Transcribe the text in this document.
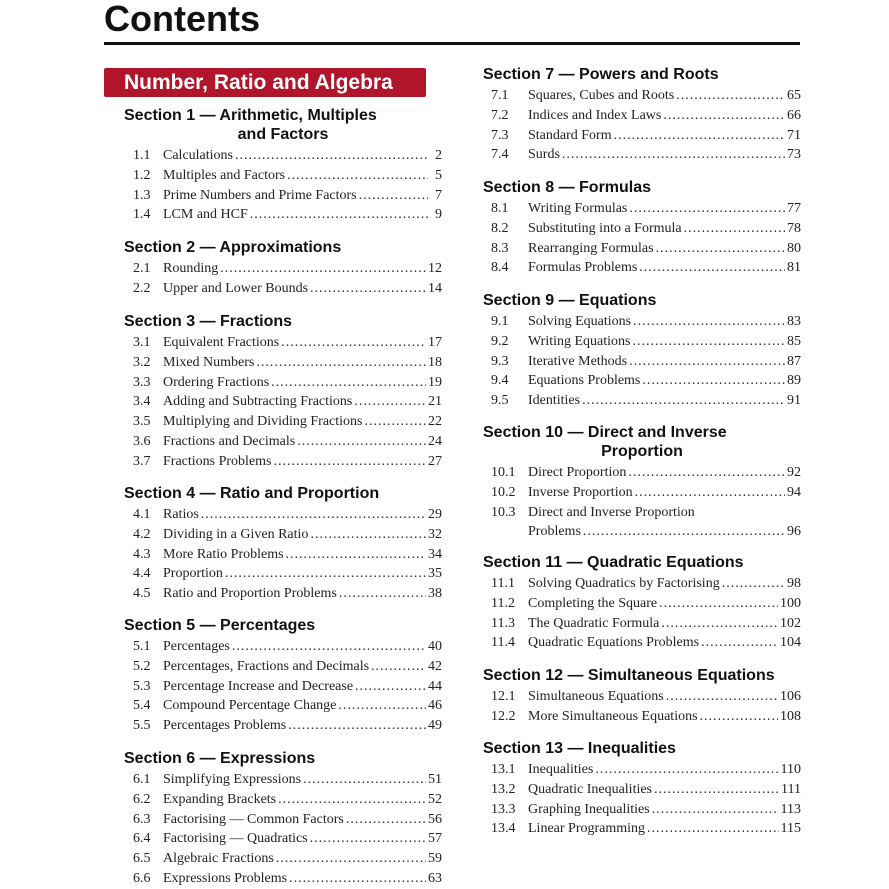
Contents
Number, Ratio and Algebra
Section 1 — Arithmetic, Multiples
and Factors
1.1 Calculations .....	2
1.2 Multiples and Factors .....	5
1.3 Prime Numbers and Prime Factors .....	7
1.4 LCM and HCF .....	9
Section 2 — Approximations
2.1 Rounding .....	12
2.2 Upper and Lower Bounds .....	14
Section 3 — Fractions
3.1 Equivalent Fractions .....	17
3.2 Mixed Numbers .....	18
3.3 Ordering Fractions .....	19
3.4 Adding and Subtracting Fractions .....	21
3.5 Multiplying and Dividing Fractions .....	22
3.6 Fractions and Decimals .....	24
3.7 Fractions Problems .....	27
Section 4 — Ratio and Proportion
4.1 Ratios .....	29
4.2 Dividing in a Given Ratio .....	32
4.3 More Ratio Problems .....	34
4.4 Proportion .....	35
4.5 Ratio and Proportion Problems .....	38
Section 5 — Percentages
5.1 Percentages .....	40
5.2 Percentages, Fractions and Decimals .....	42
5.3 Percentage Increase and Decrease .....	44
5.4 Compound Percentage Change .....	46
5.5 Percentages Problems .....	49
Section 6 — Expressions
6.1 Simplifying Expressions .....	51
6.2 Expanding Brackets .....	52
6.3 Factorising — Common Factors .....	56
6.4 Factorising — Quadratics .....	57
6.5 Algebraic Fractions .....	59
6.6 Expressions Problems .....	63
Section 7 — Powers and Roots
7.1	Squares, Cubes and Roots .....	65
7.2	Indices and Index Laws .....	66
7.3	Standard Form .....	71
7.4	Surds .....	73
Section 8 — Formulas
8.1	Writing Formulas .....	77
8.2	Substituting into a Formula .....	78
8.3	Rearranging Formulas .....	80
8.4	Formulas Problems .....	81
Section 9 — Equations
9.1	Solving Equations .....	83
9.2	Writing Equations .....	85
9.3	Iterative Methods .....	87
9.4	Equations Problems .....	89
9.5	Identities .....	91
Section 10 — Direct and Inverse
Proportion
10.1 Direct Proportion .....	92
10.2 Inverse Proportion .....	94
10.3 Direct and Inverse Proportion
Problems .....	96
Section 11 — Quadratic Equations
11.1 Solving Quadratics by Factorising .....	98
11.2 Completing the Square .....	100
11.3 The Quadratic Formula .....	102
11.4 Quadratic Equations Problems .....	104
Section 12 — Simultaneous Equations
12.1 Simultaneous Equations .....	106
12.2 More Simultaneous Equations .....	108
Section 13 — Inequalities
13.1 Inequalities .....	110
13.2 Quadratic Inequalities .....	111
13.3 Graphing Inequalities .....	113
13.4 Linear Programming .....	115
